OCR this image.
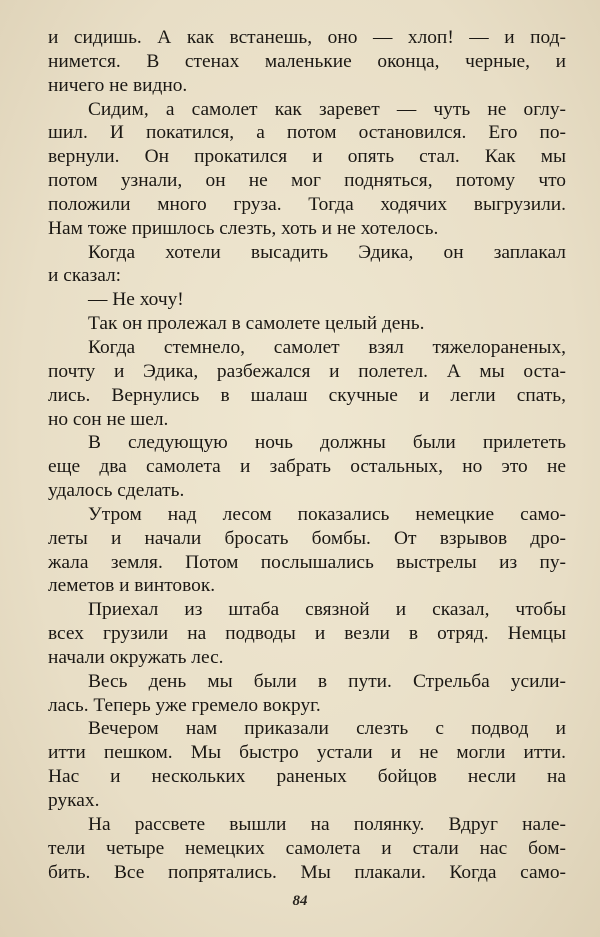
и сидишь. А как встанешь, оно — хлоп! — и под-
нимется. В стенах маленькие оконца, черные, и
ничего не видно.
Сидим, а самолет как заревет — чуть не оглу-
шил. И покатился, а потом остановился. Его по-
вернули. Он прокатился и опять стал. Как мы
потом узнали, он не мог подняться, потому что
положили много груза. Тогда ходячих выгрузили.
Нам тоже пришлось слезть, хоть и не хотелось.
Когда хотели высадить Эдика, он заплакал
и сказал:
— Не хочу!
Так он пролежал в самолете целый день.
Когда стемнело, самолет взял тяжелораненых,
почту и Эдика, разбежался и полетел. А мы оста-
лись. Вернулись в шалаш скучные и легли спать,
но сон не шел.
В следующую ночь должны были прилететь
еще два самолета и забрать остальных, но это не
удалось сделать.
Утром над лесом показались немецкие само-
леты и начали бросать бомбы. От взрывов дро-
жала земля. Потом послышались выстрелы из пу-
леметов и винтовок.
Приехал из штаба связной и сказал, чтобы
всех грузили на подводы и везли в отряд. Немцы
начали окружать лес.
Весь день мы были в пути. Стрельба усили-
лась. Теперь уже гремело вокруг.
Вечером нам приказали слезть с подвод и
итти пешком. Мы быстро устали и не могли итти.
Нас и нескольких раненых бойцов несли на
руках.
На рассвете вышли на полянку. Вдруг нале-
тели четыре немецких самолета и стали нас бом-
бить. Все попрятались. Мы плакали. Когда само-
84
